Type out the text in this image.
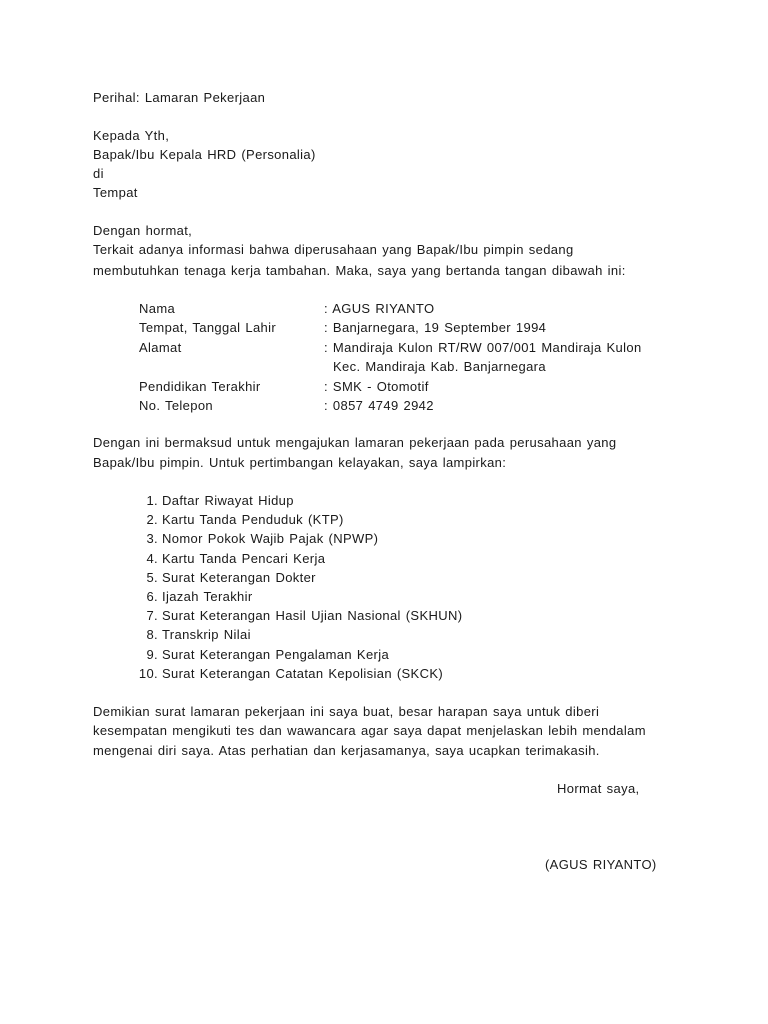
Perihal: Lamaran Pekerjaan
Kepada Yth,
Bapak/Ibu Kepala HRD (Personalia)
di
Tempat
Dengan hormat,
Terkait adanya informasi bahwa diperusahaan yang Bapak/Ibu pimpin sedang
membutuhkan tenaga kerja tambahan. Maka, saya yang bertanda tangan dibawah ini:
Nama	: AGUS RIYANTO
Tempat, Tanggal Lahir	: Banjarnegara, 19 September 1994
Alamat	: Mandiraja Kulon RT/RW 007/001 Mandiraja Kulon
Kec. Mandiraja Kab. Banjarnegara
Pendidikan Terakhir	: SMK - Otomotif
No. Telepon	: 0857 4749 2942
Dengan ini bermaksud untuk mengajukan lamaran pekerjaan pada perusahaan yang
Bapak/Ibu pimpin. Untuk pertimbangan kelayakan, saya lampirkan:
1. Daftar Riwayat Hidup
2. Kartu Tanda Penduduk (KTP)
3. Nomor Pokok Wajib Pajak (NPWP)
4. Kartu Tanda Pencari Kerja
5. Surat Keterangan Dokter
6. Ijazah Terakhir
7. Surat Keterangan Hasil Ujian Nasional (SKHUN)
8. Transkrip Nilai
9. Surat Keterangan Pengalaman Kerja
10. Surat Keterangan Catatan Kepolisian (SKCK)
Demikian surat lamaran pekerjaan ini saya buat, besar harapan saya untuk diberi
kesempatan mengikuti tes dan wawancara agar saya dapat menjelaskan lebih mendalam
mengenai diri saya. Atas perhatian dan kerjasamanya, saya ucapkan terimakasih.
Hormat saya,
(AGUS RIYANTO)
